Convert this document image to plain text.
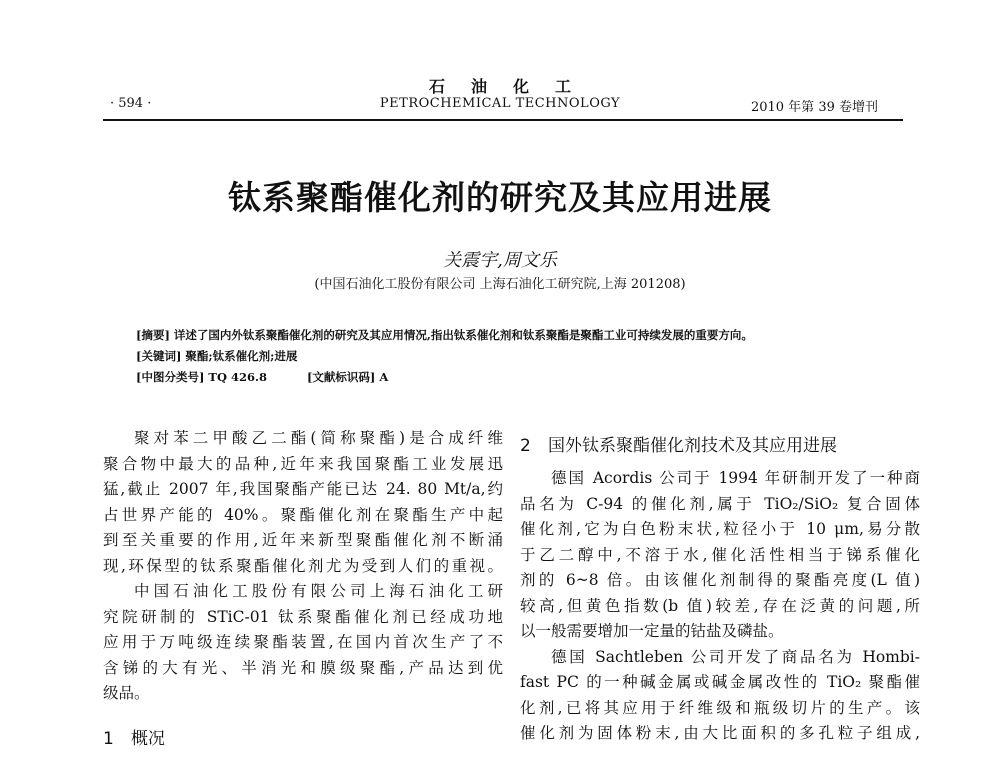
石油化工
PETROCHEMICAL TECHNOLOGY
· 594 ·	2010 年第 39 卷增刊
钛系聚酯催化剂的研究及其应用进展
关震宇,周文乐
(中国石油化工股份有限公司 上海石油化工研究院,上海 201208)
[摘要] 详述了国内外钛系聚酯催化剂的研究及其应用情况,指出钛系催化剂和钛系聚酯是聚酯工业可持续发展的重要方向。
[关键词] 聚酯;钛系催化剂;进展
[中图分类号] TQ 426.8	[文献标识码] A
聚对苯二甲酸乙二酯(简称聚酯)是合成纤维
聚合物中最大的品种,近年来我国聚酯工业发展迅
猛,截止 2007 年,我国聚酯产能已达 24. 80 Mt/a,约
占世界产能的 40%。聚酯催化剂在聚酯生产中起
到至关重要的作用,近年来新型聚酯催化剂不断涌
现,环保型的钛系聚酯催化剂尤为受到人们的重视。
中国石油化工股份有限公司上海石油化工研
究院研制的 STiC-01 钛系聚酯催化剂已经成功地
应用于万吨级连续聚酯装置,在国内首次生产了不
含锑的大有光、半消光和膜级聚酯,产品达到优
级品。
1 概况
2 国外钛系聚酯催化剂技术及其应用进展
德国 Acordis 公司于 1994 年研制开发了一种商
品名为 C-94 的催化剂,属于 TiO₂/SiO₂ 复合固体
催化剂,它为白色粉末状,粒径小于 10 μm,易分散
于乙二醇中,不溶于水,催化活性相当于锑系催化
剂的 6~8 倍。由该催化剂制得的聚酯亮度(L 值)
较高,但黄色指数(b 值)较差,存在泛黄的问题,所
以一般需要增加一定量的钴盐及磷盐。
德国 Sachtleben 公司开发了商品名为 Hombi-
fast PC 的一种碱金属或碱金属改性的 TiO₂ 聚酯催
化剂,已将其应用于纤维级和瓶级切片的生产。该
催化剂为固体粉末,由大比面积的多孔粒子组成,
